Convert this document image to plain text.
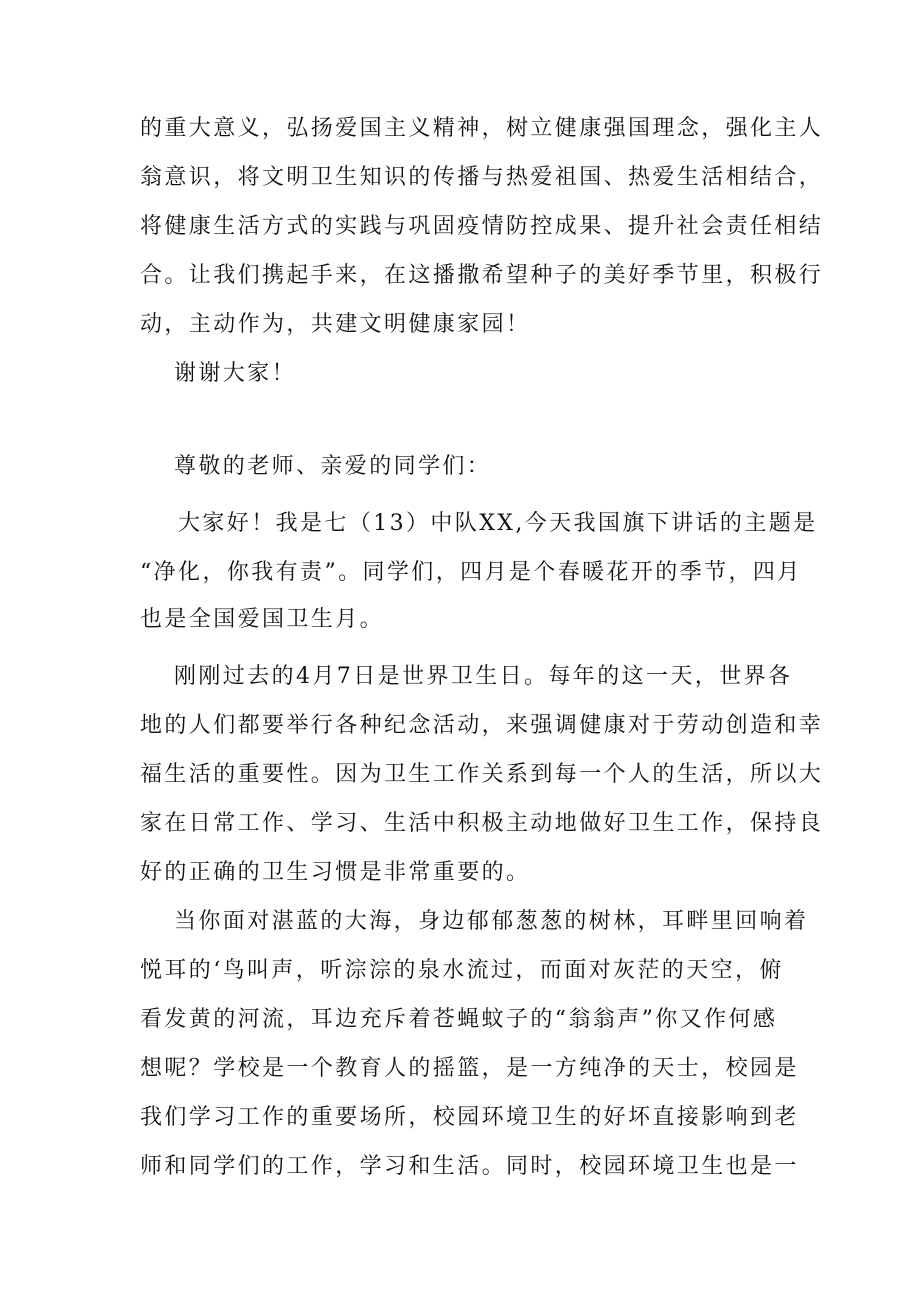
的重大意义，弘扬爱国主义精神，树立健康强国理念，强化主人
翁意识，将文明卫生知识的传播与热爱祖国、热爱生活相结合，
将健康生活方式的实践与巩固疫情防控成果、提升社会责任相结
合。让我们携起手来，在这播撒希望种子的美好季节里，积极行
动，主动作为，共建文明健康家园！
谢谢大家！
尊敬的老师、亲爱的同学们：
大家好！我是七（13）中队XX,今天我国旗下讲话的主题是
“净化，你我有责”。同学们，四月是个春暖花开的季节，四月
也是全国爱国卫生月。
刚刚过去的4月7日是世界卫生日。每年的这一天，世界各
地的人们都要举行各种纪念活动，来强调健康对于劳动创造和幸
福生活的重要性。因为卫生工作关系到每一个人的生活，所以大
家在日常工作、学习、生活中积极主动地做好卫生工作，保持良
好的正确的卫生习惯是非常重要的。
当你面对湛蓝的大海，身边郁郁葱葱的树林，耳畔里回响着
悦耳的‘鸟叫声，听淙淙的泉水流过，而面对灰茫的天空，俯
看发黄的河流，耳边充斥着苍蝇蚊子的“翁翁声”你又作何感
想呢？学校是一个教育人的摇篮，是一方纯净的天士，校园是
我们学习工作的重要场所，校园环境卫生的好坏直接影响到老
师和同学们的工作，学习和生活。同时，校园环境卫生也是一
